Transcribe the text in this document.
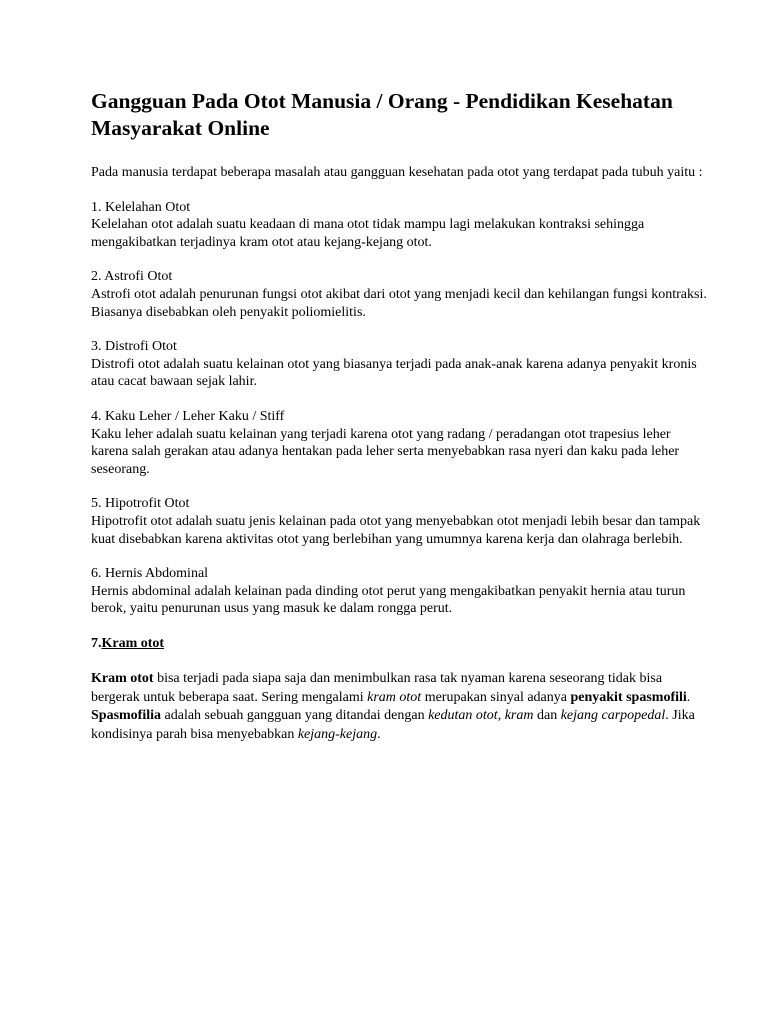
Gangguan Pada Otot Manusia / Orang - Pendidikan Kesehatan Masyarakat Online

Pada manusia terdapat beberapa masalah atau gangguan kesehatan pada otot yang terdapat pada tubuh yaitu :

1. Kelelahan Otot

Kelelahan otot adalah suatu keadaan di mana otot tidak mampu lagi melakukan kontraksi sehingga mengakibatkan terjadinya kram otot atau kejang-kejang otot.

2. Astrofi Otot

Astrofi otot adalah penurunan fungsi otot akibat dari otot yang menjadi kecil dan kehilangan fungsi kontraksi. Biasanya disebabkan oleh penyakit poliomielitis.

3. Distrofi Otot

Distrofi otot adalah suatu kelainan otot yang biasanya terjadi pada anak-anak karena adanya penyakit kronis atau cacat bawaan sejak lahir.

4. Kaku Leher / Leher Kaku / Stiff

Kaku leher adalah suatu kelainan yang terjadi karena otot yang radang / peradangan otot trapesius leher karena salah gerakan atau adanya hentakan pada leher serta menyebabkan rasa nyeri dan kaku pada leher seseorang.

5. Hipotrofit Otot

Hipotrofit otot adalah suatu jenis kelainan pada otot yang menyebabkan otot menjadi lebih besar dan tampak kuat disebabkan karena aktivitas otot yang berlebihan yang umumnya karena kerja dan olahraga berlebih.

6. Hernis Abdominal

Hernis abdominal adalah kelainan pada dinding otot perut yang mengakibatkan penyakit hernia atau turun berok, yaitu penurunan usus yang masuk ke dalam rongga perut.

7.Kram otot
Kram otot bisa terjadi pada siapa saja dan menimbulkan rasa tak nyaman karena seseorang tidak bisa bergerak untuk beberapa saat. Sering mengalami kram otot merupakan sinyal adanya penyakit spasmofili. Spasmofilia adalah sebuah gangguan yang ditandai dengan kedutan otot, kram dan kejang carpopedal. Jika kondisinya parah bisa menyebabkan kejang-kejang.
